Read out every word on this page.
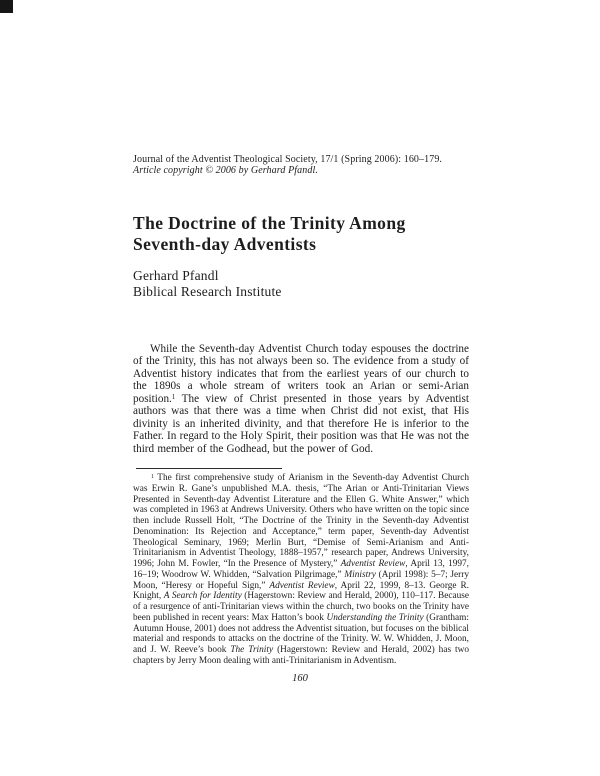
Journal of the Adventist Theological Society, 17/1 (Spring 2006): 160–179.
Article copyright © 2006 by Gerhard Pfandl.
The Doctrine of the Trinity Among
Seventh-day Adventists
Gerhard Pfandl
Biblical Research Institute
While the Seventh-day Adventist Church today espouses the doctrine of the Trinity, this has not always been so. The evidence from a study of Adventist history indicates that from the earliest years of our church to the 1890s a whole stream of writers took an Arian or semi-Arian position.$^1$ The view of Christ presented in those years by Adventist authors was that there was a time when Christ did not exist, that His divinity is an inherited divinity, and that therefore He is inferior to the Father. In regard to the Holy Spirit, their position was that He was not the third member of the Godhead, but the power of God.
$^1$ The first comprehensive study of Arianism in the Seventh-day Adventist Church was Erwin R. Gane’s unpublished M.A. thesis, “The Arian or Anti-Trinitarian Views Presented in Seventh-day Adventist Literature and the Ellen G. White Answer,” which was completed in 1963 at Andrews University. Others who have written on the topic since then include Russell Holt, “The Doctrine of the Trinity in the Seventh-day Adventist Denomination: Its Rejection and Acceptance,” term paper, Seventh-day Adventist Theological Seminary, 1969; Merlin Burt, “Demise of Semi-Arianism and Anti-Trinitarianism in Adventist Theology, 1888–1957,” research paper, Andrews University, 1996; John M. Fowler, “In the Presence of Mystery,” Adventist Review, April 13, 1997, 16–19; Woodrow W. Whidden, “Salvation Pilgrimage,” Ministry (April 1998): 5–7; Jerry Moon, “Heresy or Hopeful Sign,” Adventist Review, April 22, 1999, 8–13. George R. Knight, A Search for Identity (Hagerstown: Review and Herald, 2000), 110–117. Because of a resurgence of anti-Trinitarian views within the church, two books on the Trinity have been published in recent years: Max Hatton’s book Understanding the Trinity (Grantham: Autumn House, 2001) does not address the Adventist situation, but focuses on the biblical material and responds to attacks on the doctrine of the Trinity. W. W. Whidden, J. Moon, and J. W. Reeve’s book The Trinity (Hagerstown: Review and Herald, 2002) has two chapters by Jerry Moon dealing with anti-Trinitarianism in Adventism.
160
